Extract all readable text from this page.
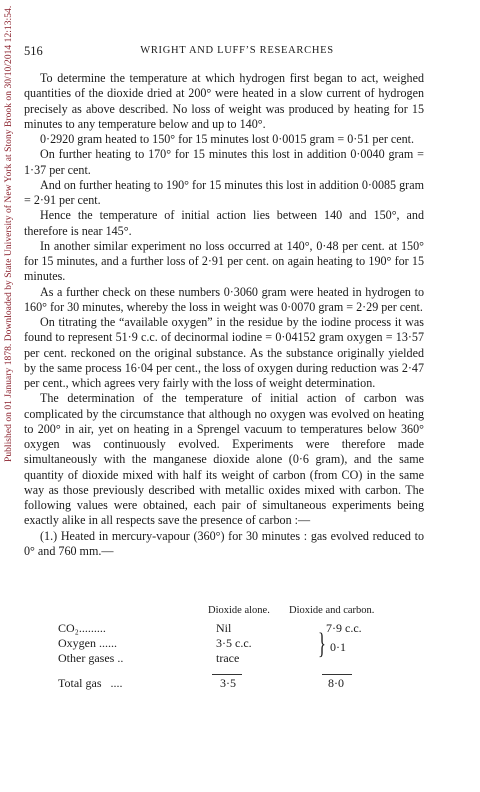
Published on 01 January 1878. Downloaded by State University of New York at Stony Brook on 30/10/2014 12:13:54. 516	WRIGHT AND LUFF’S RESEARCHES

To determine the temperature at which hydrogen first began to act, weighed quantities of the dioxide dried at 200° were heated in a slow current of hydrogen precisely as above described. No loss of weight was produced by heating for 15 minutes to any temperature below and up to 140°.

0·2920 gram heated to 150° for 15 minutes lost 0·0015 gram = 0·51 per cent.

On further heating to 170° for 15 minutes this lost in addition 0·0040 gram = 1·37 per cent.

And on further heating to 190° for 15 minutes this lost in addition 0·0085 gram = 2·91 per cent.

Hence the temperature of initial action lies between 140 and 150°, and therefore is near 145°.

In another similar experiment no loss occurred at 140°, 0·48 per cent. at 150° for 15 minutes, and a further loss of 2·91 per cent. on again heating to 190° for 15 minutes.

As a further check on these numbers 0·3060 gram were heated in hydrogen to 160° for 30 minutes, whereby the loss in weight was 0·0070 gram = 2·29 per cent.

On titrating the “available oxygen” in the residue by the iodine process it was found to represent 51·9 c.c. of decinormal iodine = 0·04152 gram oxygen = 13·57 per cent. reckoned on the original substance. As the substance originally yielded by the same process 16·04 per cent., the loss of oxygen during reduction was 2·47 per cent., which agrees very fairly with the loss of weight determination.

The determination of the temperature of initial action of carbon was complicated by the circumstance that although no oxygen was evolved on heating to 200° in air, yet on heating in a Sprengel vacuum to temperatures below 360° oxygen was continuously evolved. Experiments were therefore made simultaneously with the manganese dioxide alone (0·6 gram), and the same quantity of dioxide mixed with half its weight of carbon (from CO) in the same way as those previously described with metallic oxides mixed with carbon. The following values were obtained, each pair of simultaneous experiments being exactly alike in all respects save the presence of carbon :—

(1.) Heated in mercury-vapour (360°) for 30 minutes : gas evolved reduced to 0° and 760 mm.—

Dioxide alone. Dioxide and carbon.
CO₂.........	Nil	7·9 c.c.
Oxygen ......	3·5 c.c.
Other gases ..	trace	} 0·1
Total gas   ....	3·5	8·0
